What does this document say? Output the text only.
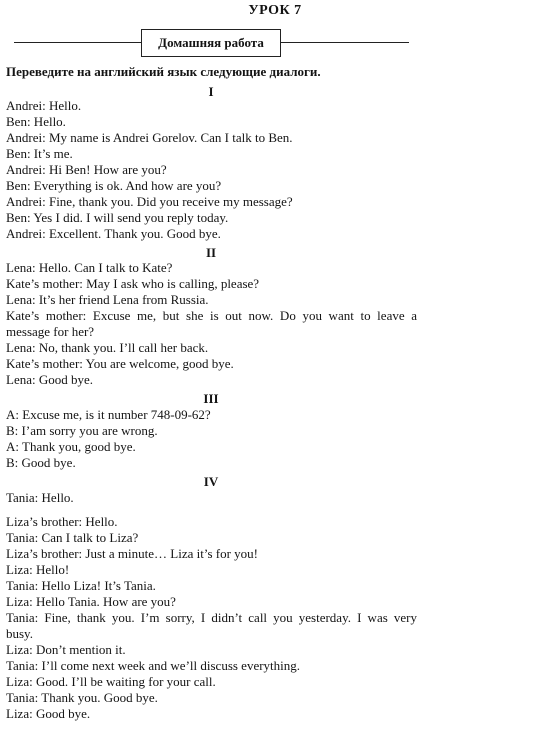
УРОК 7
Домашняя работа
Переведите на английский язык следующие диалоги.
I
Andrei: Hello.
Ben: Hello.
Andrei: My name is Andrei Gorelov. Can I talk to Ben.
Ben: It’s me.
Andrei: Hi Ben! How are you?
Ben: Everything is ok. And how are you?
Andrei: Fine, thank you. Did you receive my message?
Ben: Yes I did. I will send you reply today.
Andrei: Excellent. Thank you. Good bye.
II
Lena: Hello. Can I talk to Kate?
Kate’s mother: May I ask who is calling, please?
Lena: It’s her friend Lena from Russia.
Kate’s mother: Excuse me, but she is out now. Do you want to leave a
message for her?
Lena: No, thank you. I’ll call her back.
Kate’s mother: You are welcome, good bye.
Lena: Good bye.
III
A: Excuse me, is it number 748-09-62?
B: I’am sorry you are wrong.
A: Thank you, good bye.
B: Good bye.
IV
Tania: Hello.
Liza’s brother: Hello.
Tania: Can I talk to Liza?
Liza’s brother: Just a minute… Liza it’s for you!
Liza: Hello!
Tania: Hello Liza! It’s Tania.
Liza: Hello Tania. How are you?
Tania: Fine, thank you. I’m sorry, I didn’t call you yesterday. I was very
busy.
Liza: Don’t mention it.
Tania: I’ll come next week and we’ll discuss everything.
Liza: Good. I’ll be waiting for your call.
Tania: Thank you. Good bye.
Liza: Good bye.
